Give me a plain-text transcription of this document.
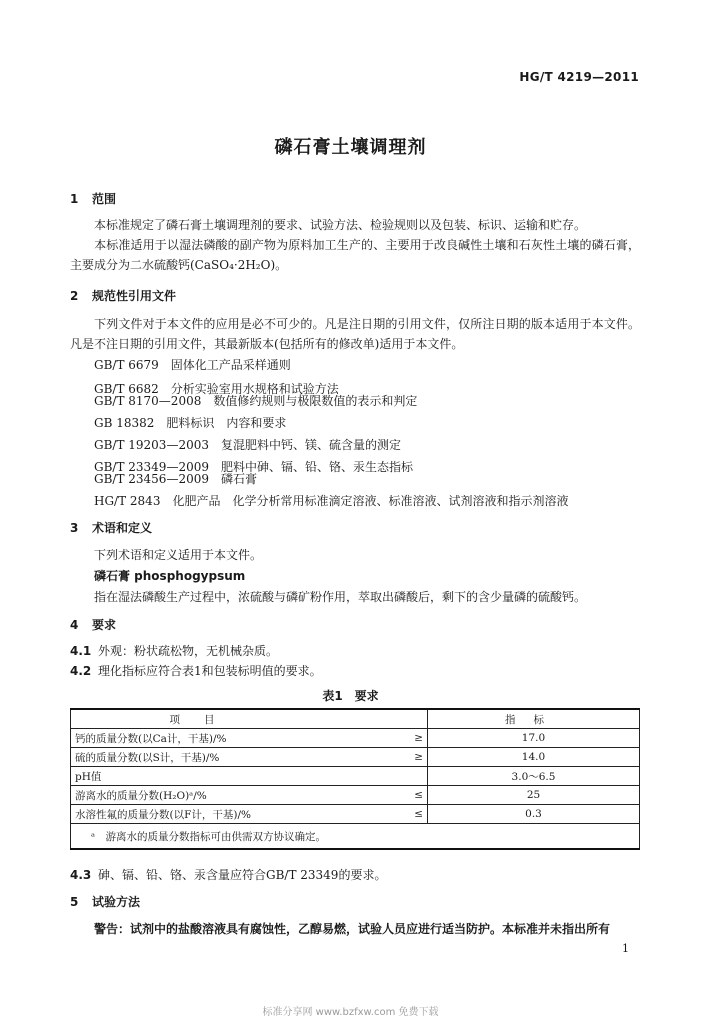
HG/T 4219—2011
磷石膏土壤调理剂
1 范围
本标准规定了磷石膏土壤调理剂的要求、试验方法、检验规则以及包装、标识、运输和贮存。
本标准适用于以湿法磷酸的副产物为原料加工生产的、主要用于改良碱性土壤和石灰性土壤的磷石膏，主要成分为二水硫酸钙(CaSO₄·2H₂O)。
2 规范性引用文件
下列文件对于本文件的应用是必不可少的。凡是注日期的引用文件，仅所注日期的版本适用于本文件。凡是不注日期的引用文件，其最新版本(包括所有的修改单)适用于本文件。
GB/T 6679　固体化工产品采样通则
GB/T 6682　分析实验室用水规格和试验方法
GB/T 8170—2008　数值修约规则与极限数值的表示和判定
GB 18382　肥料标识　内容和要求
GB/T 19203—2003　复混肥料中钙、镁、硫含量的测定
GB/T 23349—2009　肥料中砷、镉、铅、铬、汞生态指标
GB/T 23456—2009　磷石膏
HG/T 2843　化肥产品　化学分析常用标准滴定溶液、标准溶液、试剂溶液和指示剂溶液
3 术语和定义
下列术语和定义适用于本文件。
磷石膏 phosphogypsum
指在湿法磷酸生产过程中，浓硫酸与磷矿粉作用，萃取出磷酸后，剩下的含少量磷的硫酸钙。
4 要求
4.1 外观：粉状疏松物，无机械杂质。
4.2 理化指标应符合表1和包装标明值的要求。
表1　要求
项目		指标
钙的质量分数(以Ca计，干基)/%	≥	17.0
硫的质量分数(以S计，干基)/%	≥	14.0
pH值		3.0～6.5
游离水的质量分数(H₂O)ᵃ/%	≤	25
水溶性氟的质量分数(以F计，干基)/%	≤	0.3
ᵃ　游离水的质量分数指标可由供需双方协议确定。		
4.3 砷、镉、铅、铬、汞含量应符合GB/T 23349的要求。
5 试验方法
警告：试剂中的盐酸溶液具有腐蚀性，乙醇易燃，试验人员应进行适当防护。本标准并未指出所有
1
标准分享网 www.bzfxw.com 免费下载
